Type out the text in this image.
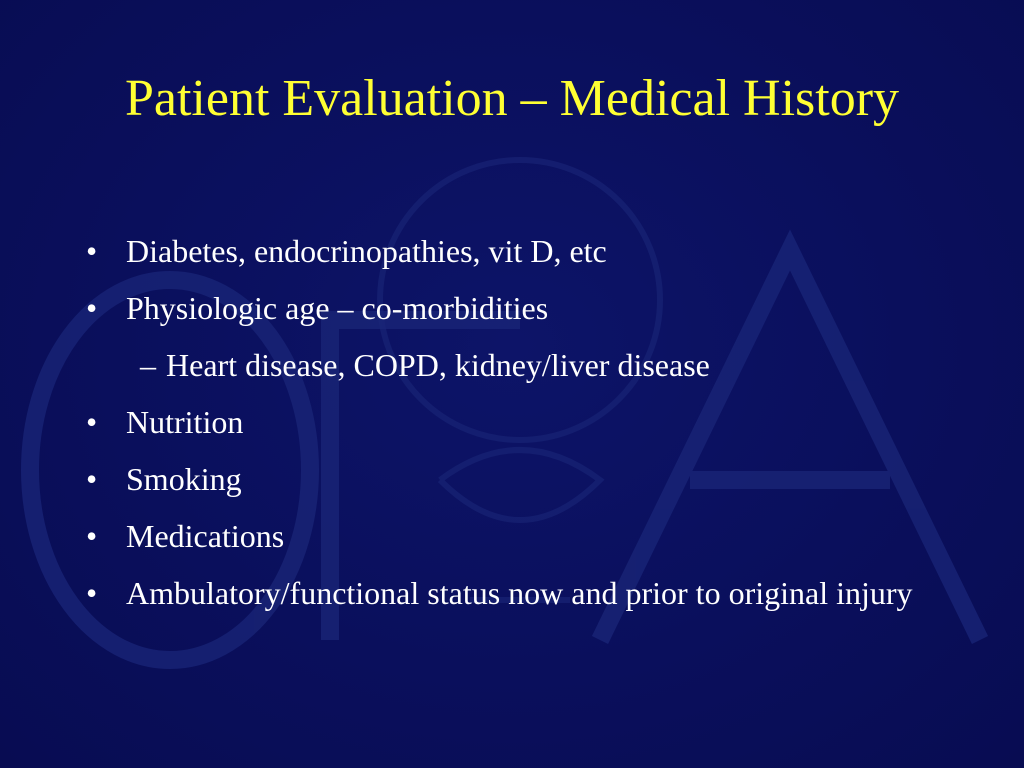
Patient Evaluation – Medical History
• Diabetes, endocrinopathies, vit D, etc
• Physiologic age – co-morbidities
– Heart disease, COPD, kidney/liver disease
• Nutrition
• Smoking
• Medications
• Ambulatory/functional status now and prior to original injury
